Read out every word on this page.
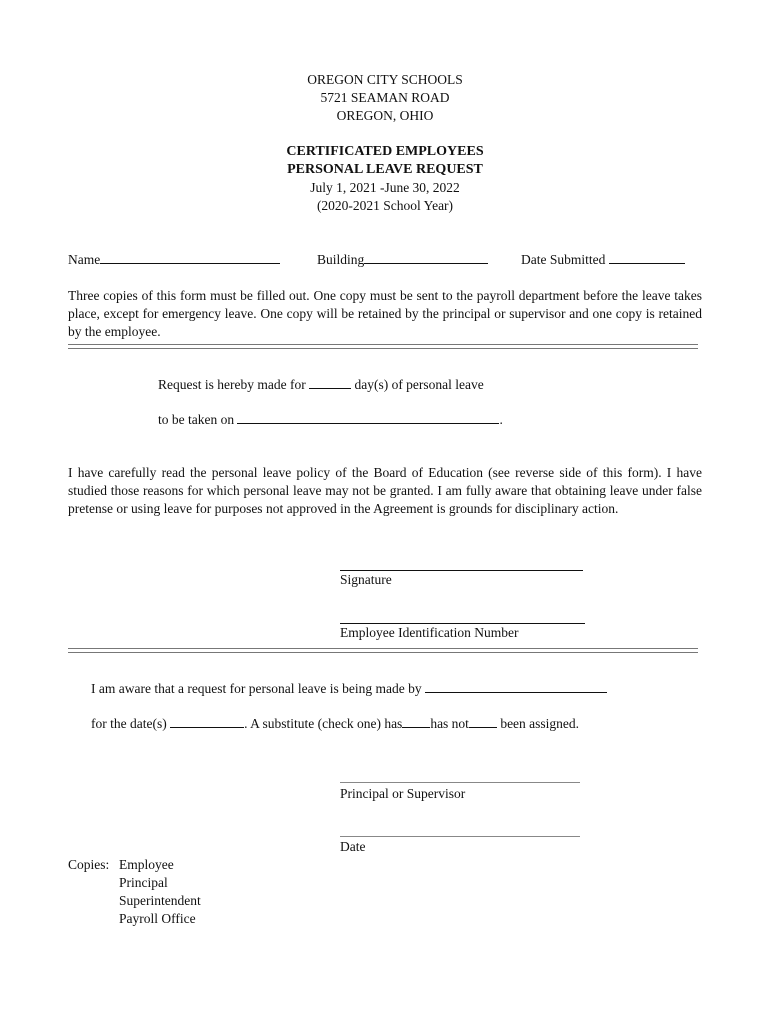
OREGON CITY SCHOOLS
5721 SEAMAN ROAD
OREGON, OHIO
CERTIFICATED EMPLOYEES
PERSONAL LEAVE REQUEST
July 1, 2021 -June 30, 2022
(2020-2021 School Year)
Name	Building	Date Submitted
Three copies of this form must be filled out. One copy must be sent to the payroll department before the leave takes place, except for emergency leave. One copy will be retained by the principal or supervisor and one copy is retained by the employee.
Request is hereby made for	day(s) of personal leave
to be taken on	.
I have carefully read the personal leave policy of the Board of Education (see reverse side of this form). I have studied those reasons for which personal leave may not be granted. I am fully aware that obtaining leave under false pretense or using leave for purposes not approved in the Agreement is grounds for disciplinary action.
Signature
Employee Identification Number
I am aware that a request for personal leave is being made by
for the date(s)	. A substitute (check one) has has not been assigned.
Principal or Supervisor
Date
Copies: Employee
Principal
Superintendent
Payroll Office
